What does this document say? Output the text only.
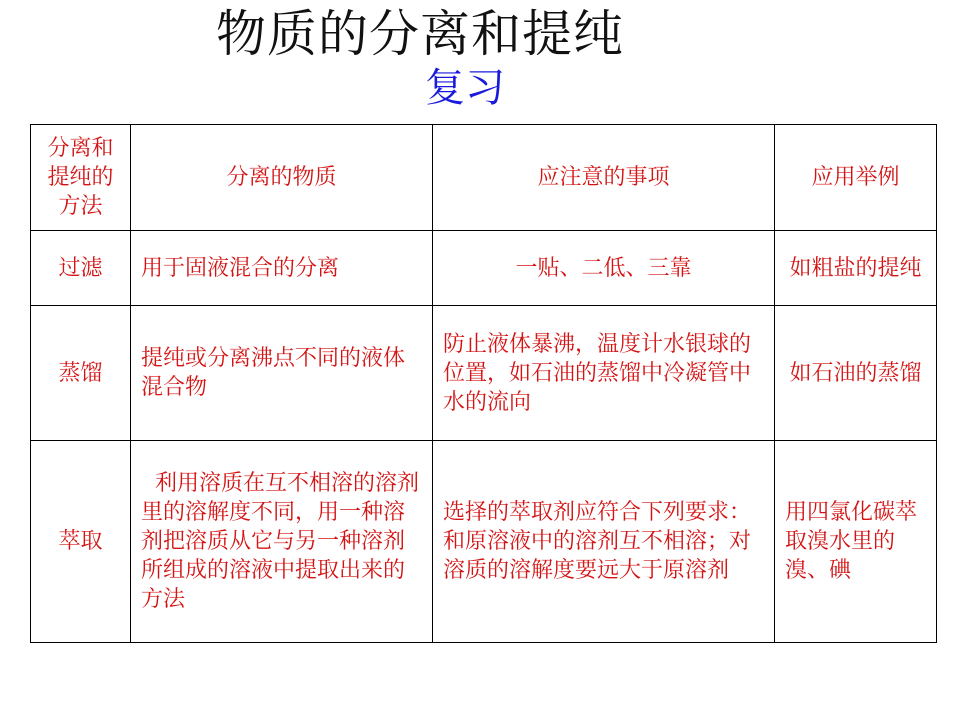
物质的分离和提纯
复习
分离和提纯的方法	分离的物质	应注意的事项	应用举例
过滤	用于固液混合的分离	一贴、二低、三靠	如粗盐的提纯
蒸馏	提纯或分离沸点不同的液体混合物	防止液体暴沸，温度计水银球的位置，如石油的蒸馏中冷凝管中水的流向	如石油的蒸馏
萃取	利用溶质在互不相溶的溶剂里的溶解度不同，用一种溶剂把溶质从它与另一种溶剂所组成的溶液中提取出来的方法	选择的萃取剂应符合下列要求：和原溶液中的溶剂互不相溶；对溶质的溶解度要远大于原溶剂	用四氯化碳萃取溴水里的溴、碘
